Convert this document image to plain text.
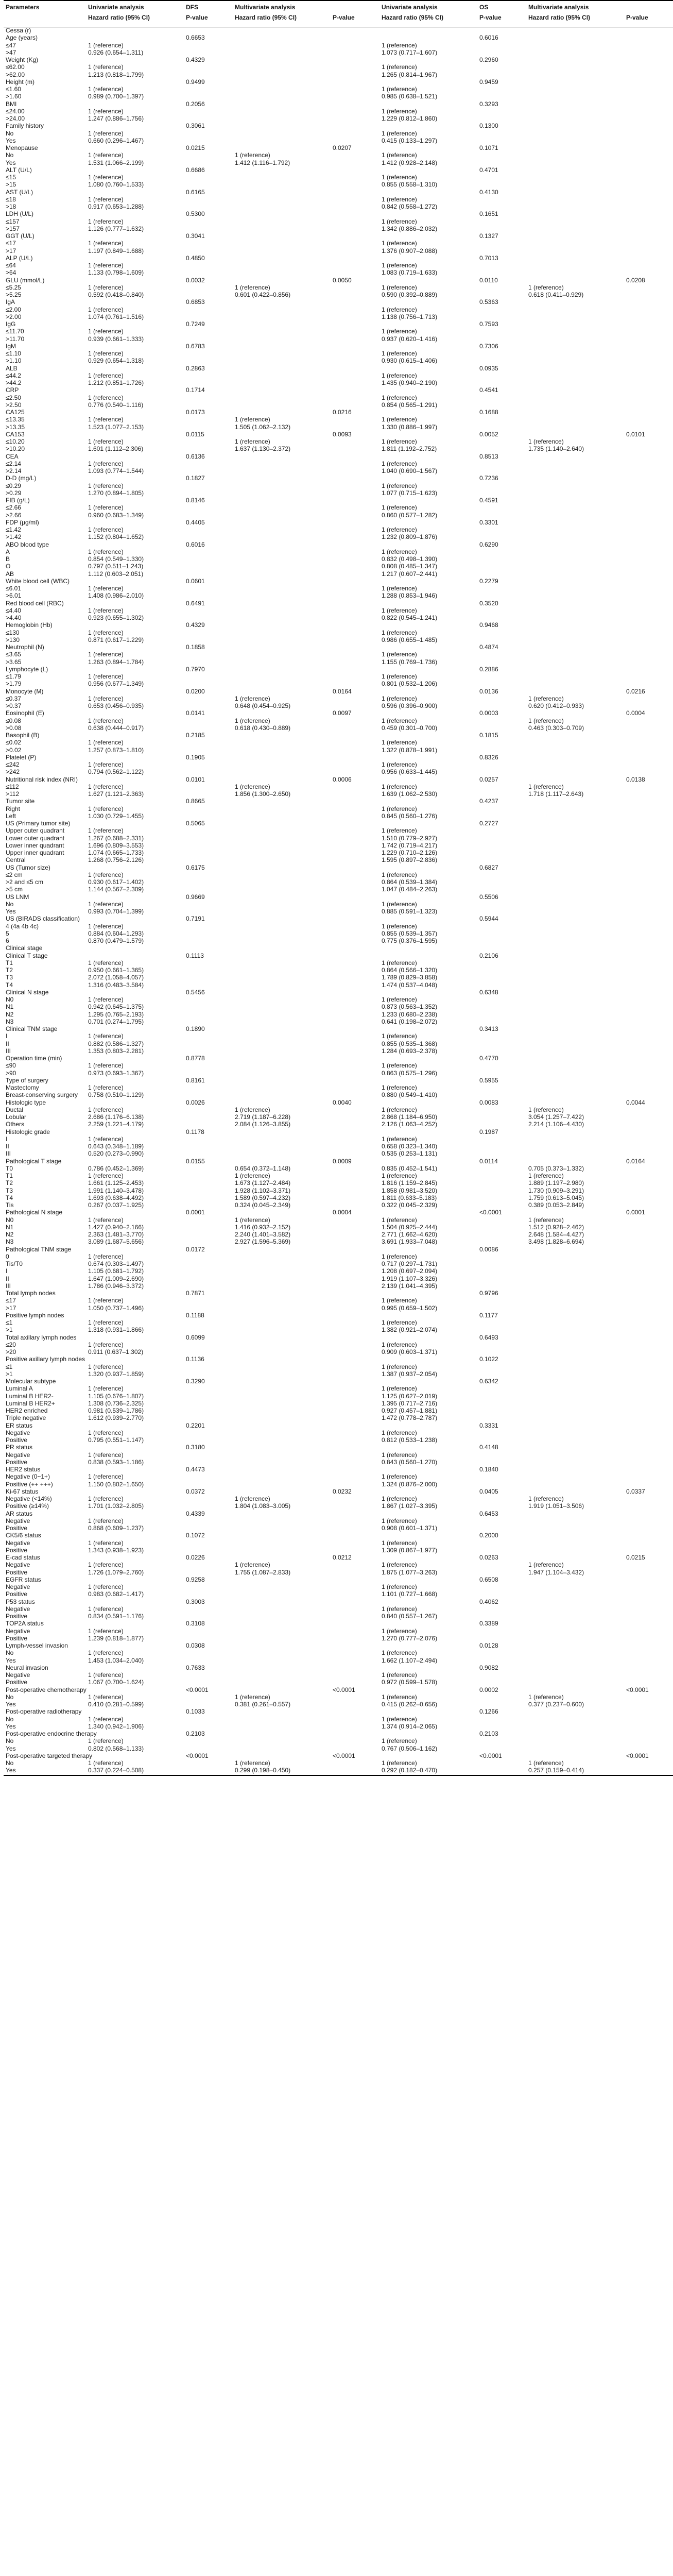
Parameters	Univariate analysis	DFS	Multivariate analysis		Univariate analysis	OS	Multivariate analysis	
	Hazard ratio (95% CI)	P-value	Hazard ratio (95% CI)	P-value	Hazard ratio (95% CI)	P-value	Hazard ratio (95% CI)	P-value
Cessa (r)								
Age (years)		0.6653				0.6016		
≤47	1 (reference)				1 (reference)			
>47	0.926 (0.654–1.311)				1.073 (0.717–1.607)			
Weight (Kg)		0.4329				0.2960		
≤62.00	1 (reference)				1 (reference)			
>62.00	1.213 (0.818–1.799)				1.265 (0.814–1.967)			
Height (m)		0.9499				0.9459		
≤1.60	1 (reference)				1 (reference)			
>1.60	0.989 (0.700–1.397)				0.985 (0.638–1.521)			
BMI		0.2056				0.3293		
≤24.00	1 (reference)				1 (reference)			
>24.00	1.247 (0.886–1.756)				1.229 (0.812–1.860)			
Family history		0.3061				0.1300		
No	1 (reference)				1 (reference)			
Yes	0.660 (0.296–1.467)				0.415 (0.133–1.297)			
Menopause		0.0215		0.0207		0.1071		
No	1 (reference)		1 (reference)		1 (reference)			
Yes	1.531 (1.066–2.199)		1.412 (1.116–1.792)		1.412 (0.928–2.148)			
ALT (U/L)		0.6686				0.4701		
≤15	1 (reference)				1 (reference)			
>15	1.080 (0.760–1.533)				0.855 (0.558–1.310)			
AST (U/L)		0.6165				0.4130		
≤18	1 (reference)				1 (reference)			
>18	0.917 (0.653–1.288)				0.842 (0.558–1.272)			
LDH (U/L)		0.5300				0.1651		
≤157	1 (reference)				1 (reference)			
>157	1.126 (0.777–1.632)				1.342 (0.886–2.032)			
GGT (U/L)		0.3041				0.1327		
≤17	1 (reference)				1 (reference)			
>17	1.197 (0.849–1.688)				1.376 (0.907–2.088)			
ALP (U/L)		0.4850				0.7013		
≤64	1 (reference)				1 (reference)			
>64	1.133 (0.798–1.609)				1.083 (0.719–1.633)			
GLU (mmol/L)		0.0032		0.0050		0.0110		0.0208
≤5.25	1 (reference)		1 (reference)		1 (reference)		1 (reference)	
>5.25	0.592 (0.418–0.840)		0.601 (0.422–0.856)		0.590 (0.392–0.889)		0.618 (0.411–0.929)	
IgA		0.6853				0.5363		
≤2.00	1 (reference)				1 (reference)			
>2.00	1.074 (0.761–1.516)				1.138 (0.756–1.713)			
IgG		0.7249				0.7593		
≤11.70	1 (reference)				1 (reference)			
>11.70	0.939 (0.661–1.333)				0.937 (0.620–1.416)			
IgM		0.6783				0.7306		
≤1.10	1 (reference)				1 (reference)			
>1.10	0.929 (0.654–1.318)				0.930 (0.615–1.406)			
ALB		0.2863				0.0935		
≤44.2	1 (reference)				1 (reference)			
>44.2	1.212 (0.851–1.726)				1.435 (0.940–2.190)			
CRP		0.1714				0.4541		
≤2.50	1 (reference)				1 (reference)			
>2.50	0.776 (0.540–1.116)				0.854 (0.565–1.291)			
CA125		0.0173		0.0216		0.1688		
≤13.35	1 (reference)		1 (reference)		1 (reference)			
>13.35	1.523 (1.077–2.153)		1.505 (1.062–2.132)		1.330 (0.886–1.997)			
CA153		0.0115		0.0093		0.0052		0.0101
≤10.20	1 (reference)		1 (reference)		1 (reference)		1 (reference)	
>10.20	1.601 (1.112–2.306)		1.637 (1.130–2.372)		1.811 (1.192–2.752)		1.735 (1.140–2.640)	
CEA		0.6136				0.8513		
≤2.14	1 (reference)				1 (reference)			
>2.14	1.093 (0.774–1.544)				1.040 (0.690–1.567)			
D-D (mg/L)		0.1827				0.7236		
≤0.29	1 (reference)				1 (reference)			
>0.29	1.270 (0.894–1.805)				1.077 (0.715–1.623)			
FIB (g/L)		0.8146				0.4591		
≤2.66	1 (reference)				1 (reference)			
>2.66	0.960 (0.683–1.349)				0.860 (0.577–1.282)			
FDP (μg/ml)		0.4405				0.3301		
≤1.42	1 (reference)				1 (reference)			
>1.42	1.152 (0.804–1.652)				1.232 (0.809–1.876)			
ABO blood type		0.6016				0.6290		
A	1 (reference)				1 (reference)			
B	0.854 (0.549–1.330)				0.832 (0.498–1.390)			
O	0.797 (0.511–1.243)				0.808 (0.485–1.347)			
AB	1.112 (0.603–2.051)				1.217 (0.607–2.441)			
White blood cell (WBC)		0.0601				0.2279		
≤6.01	1 (reference)				1 (reference)			
>6.01	1.408 (0.986–2.010)				1.288 (0.853–1.946)			
Red blood cell (RBC)		0.6491				0.3520		
≤4.40	1 (reference)				1 (reference)			
>4.40	0.923 (0.655–1.302)				0.822 (0.545–1.241)			
Hemoglobin (Hb)		0.4329				0.9468		
≤130	1 (reference)				1 (reference)			
>130	0.871 (0.617–1.229)				0.986 (0.655–1.485)			
Neutrophil (N)		0.1858				0.4874		
≤3.65	1 (reference)				1 (reference)			
>3.65	1.263 (0.894–1.784)				1.155 (0.769–1.736)			
Lymphocyte (L)		0.7970				0.2886		
≤1.79	1 (reference)				1 (reference)			
>1.79	0.956 (0.677–1.349)				0.801 (0.532–1.206)			
Monocyte (M)		0.0200		0.0164		0.0136		0.0216
≤0.37	1 (reference)		1 (reference)		1 (reference)		1 (reference)	
>0.37	0.653 (0.456–0.935)		0.648 (0.454–0.925)		0.596 (0.396–0.900)		0.620 (0.412–0.933)	
Eosinophil (E)		0.0141		0.0097		0.0003		0.0004
≤0.08	1 (reference)		1 (reference)		1 (reference)		1 (reference)	
>0.08	0.638 (0.444–0.917)		0.618 (0.430–0.889)		0.459 (0.301–0.700)		0.463 (0.303–0.709)	
Basophil (B)		0.2185				0.1815		
≤0.02	1 (reference)				1 (reference)			
>0.02	1.257 (0.873–1.810)				1.322 (0.878–1.991)			
Platelet (P)		0.1905				0.8326		
≤242	1 (reference)				1 (reference)			
>242	0.794 (0.562–1.122)				0.956 (0.633–1.445)			
Nutritional risk index (NRI)		0.0101		0.0006		0.0257		0.0138
≤112	1 (reference)		1 (reference)		1 (reference)		1 (reference)	
>112	1.627 (1.121–2.363)		1.856 (1.300–2.650)		1.639 (1.062–2.530)		1.718 (1.117–2.643)	
Tumor site		0.8665				0.4237		
Right	1 (reference)				1 (reference)			
Left	1.030 (0.729–1.455)				0.845 (0.560–1.276)			
US (Primary tumor site)		0.5065				0.2727		
Upper outer quadrant	1 (reference)				1 (reference)			
Lower outer quadrant	1.267 (0.688–2.331)				1.510 (0.779–2.927)			
Lower inner quadrant	1.696 (0.809–3.553)				1.742 (0.719–4.217)			
Upper inner quadrant	1.074 (0.665–1.733)				1.229 (0.710–2.126)			
Central	1.268 (0.756–2.126)				1.595 (0.897–2.836)			
US (Tumor size)		0.6175				0.6827		
≤2 cm	1 (reference)				1 (reference)			
>2 and ≤5 cm	0.930 (0.617–1.402)				0.864 (0.539–1.384)			
>5 cm	1.144 (0.567–2.309)				1.047 (0.484–2.263)			
US LNM		0.9669				0.5506		
No	1 (reference)				1 (reference)			
Yes	0.993 (0.704–1.399)				0.885 (0.591–1.323)			
US (BIRADS classification)		0.7191				0.5944		
4 (4a 4b 4c)	1 (reference)				1 (reference)			
5	0.884 (0.604–1.293)				0.855 (0.539–1.357)			
6	0.870 (0.479–1.579)				0.775 (0.376–1.595)			
Clinical stage								
Clinical T stage		0.1113				0.2106		
T1	1 (reference)				1 (reference)			
T2	0.950 (0.661–1.365)				0.864 (0.566–1.320)			
T3	2.072 (1.058–4.057)				1.789 (0.829–3.858)			
T4	1.316 (0.483–3.584)				1.474 (0.537–4.048)			
Clinical N stage		0.5456				0.6348		
N0	1 (reference)				1 (reference)			
N1	0.942 (0.645–1.375)				0.873 (0.563–1.352)			
N2	1.295 (0.765–2.193)				1.233 (0.680–2.238)			
N3	0.701 (0.274–1.795)				0.641 (0.198–2.072)			
Clinical TNM stage		0.1890				0.3413		
I	1 (reference)				1 (reference)			
II	0.882 (0.586–1.327)				0.855 (0.535–1.368)			
III	1.353 (0.803–2.281)				1.284 (0.693–2.378)			
Operation time (min)		0.8778				0.4770		
≤90	1 (reference)				1 (reference)			
>90	0.973 (0.693–1.367)				0.863 (0.575–1.296)			
Type of surgery		0.8161				0.5955		
Mastectomy	1 (reference)				1 (reference)			
Breast-conserving surgery	0.758 (0.510–1.129)				0.880 (0.549–1.410)			
Histologic type		0.0026		0.0040		0.0083		0.0044
Ductal	1 (reference)		1 (reference)		1 (reference)		1 (reference)	
Lobular	2.686 (1.176–6.138)		2.719 (1.187–6.228)		2.868 (1.184–6.950)		3.054 (1.257–7.422)	
Others	2.259 (1.221–4.179)		2.084 (1.126–3.855)		2.126 (1.063–4.252)		2.214 (1.106–4.430)	
Histologic grade		0.1178				0.1987		
I	1 (reference)				1 (reference)			
II	0.643 (0.348–1.189)				0.658 (0.323–1.340)			
III	0.520 (0.273–0.990)				0.535 (0.253–1.131)			
Pathological T stage		0.0155		0.0009		0.0114		0.0164
T0	0.786 (0.452–1.369)		0.654 (0.372–1.148)		0.835 (0.452–1.541)		0.705 (0.373–1.332)	
T1	1 (reference)		1 (reference)		1 (reference)		1 (reference)	
T2	1.661 (1.125–2.453)		1.673 (1.127–2.484)		1.816 (1.159–2.845)		1.889 (1.197–2.980)	
T3	1.991 (1.140–3.478)		1.928 (1.102–3.371)		1.858 (0.981–3.520)		1.730 (0.909–3.291)	
T4	1.693 (0.638–4.492)		1.589 (0.597–4.232)		1.811 (0.633–5.183)		1.759 (0.613–5.045)	
Tis	0.267 (0.037–1.925)		0.324 (0.045–2.349)		0.322 (0.045–2.329)		0.389 (0.053–2.849)	
Pathological N stage		0.0001		0.0004		<0.0001		0.0001
N0	1 (reference)		1 (reference)		1 (reference)		1 (reference)	
N1	1.427 (0.940–2.166)		1.416 (0.932–2.152)		1.504 (0.925–2.444)		1.512 (0.928–2.462)	
N2	2.363 (1.481–3.770)		2.240 (1.401–3.582)		2.771 (1.662–4.620)		2.648 (1.584–4.427)	
N3	3.089 (1.687–5.656)		2.927 (1.596–5.369)		3.691 (1.933–7.048)		3.498 (1.828–6.694)	
Pathological TNM stage		0.0172				0.0086		
0	1 (reference)				1 (reference)			
Tis/T0	0.674 (0.303–1.497)				0.717 (0.297–1.731)			
I	1.105 (0.681–1.792)				1.208 (0.697–2.094)			
II	1.647 (1.009–2.690)				1.919 (1.107–3.326)			
III	1.786 (0.946–3.372)				2.139 (1.041–4.395)			
Total lymph nodes		0.7871				0.9796		
≤17	1 (reference)				1 (reference)			
>17	1.050 (0.737–1.496)				0.995 (0.659–1.502)			
Positive lymph nodes		0.1188				0.1177		
≤1	1 (reference)				1 (reference)			
>1	1.318 (0.931–1.866)				1.382 (0.921–2.074)			
Total axillary lymph nodes		0.6099				0.6493		
≤20	1 (reference)				1 (reference)			
>20	0.911 (0.637–1.302)				0.909 (0.603–1.371)			
Positive axillary lymph nodes		0.1136				0.1022		
≤1	1 (reference)				1 (reference)			
>1	1.320 (0.937–1.859)				1.387 (0.937–2.054)			
Molecular subtype		0.3290				0.6342		
Luminal A	1 (reference)				1 (reference)			
Luminal B HER2-	1.105 (0.676–1.807)				1.125 (0.627–2.019)			
Luminal B HER2+	1.308 (0.736–2.325)				1.395 (0.717–2.716)			
HER2 enriched	0.981 (0.539–1.786)				0.927 (0.457–1.881)			
Triple negative	1.612 (0.939–2.770)				1.472 (0.778–2.787)			
ER status		0.2201				0.3331		
Negative	1 (reference)				1 (reference)			
Positive	0.795 (0.551–1.147)				0.812 (0.533–1.238)			
PR status		0.3180				0.4148		
Negative	1 (reference)				1 (reference)			
Positive	0.838 (0.593–1.186)				0.843 (0.560–1.270)			
HER2 status		0.4473				0.1840		
Negative (0~1+)	1 (reference)				1 (reference)			
Positive (++ +++)	1.150 (0.802–1.650)				1.324 (0.876–2.000)			
Ki-67 status		0.0372		0.0232		0.0405		0.0337
Negative (<14%)	1 (reference)		1 (reference)		1 (reference)		1 (reference)	
Positive (≥14%)	1.701 (1.032–2.805)		1.804 (1.083–3.005)		1.867 (1.027–3.395)		1.919 (1.051–3.506)	
AR status		0.4339				0.6453		
Negative	1 (reference)				1 (reference)			
Positive	0.868 (0.609–1.237)				0.908 (0.601–1.371)			
CK5/6 status		0.1072				0.2000		
Negative	1 (reference)				1 (reference)			
Positive	1.343 (0.938–1.923)				1.309 (0.867–1.977)			
E-cad status		0.0226		0.0212		0.0263		0.0215
Negative	1 (reference)		1 (reference)		1 (reference)		1 (reference)	
Positive	1.726 (1.079–2.760)		1.755 (1.087–2.833)		1.875 (1.077–3.263)		1.947 (1.104–3.432)	
EGFR status		0.9258				0.6508		
Negative	1 (reference)				1 (reference)			
Positive	0.983 (0.682–1.417)				1.101 (0.727–1.668)			
P53 status		0.3003				0.4062		
Negative	1 (reference)				1 (reference)			
Positive	0.834 (0.591–1.176)				0.840 (0.557–1.267)			
TOP2A status		0.3108				0.3389		
Negative	1 (reference)				1 (reference)			
Positive	1.239 (0.818–1.877)				1.270 (0.777–2.076)			
Lymph-vessel invasion		0.0308				0.0128		
No	1 (reference)				1 (reference)			
Yes	1.453 (1.034–2.040)				1.662 (1.107–2.494)			
Neural invasion		0.7633				0.9082		
Negative	1 (reference)				1 (reference)			
Positive	1.067 (0.700–1.624)				0.972 (0.599–1.578)			
Post-operative chemotherapy		<0.0001		<0.0001		0.0002		<0.0001
No	1 (reference)		1 (reference)		1 (reference)		1 (reference)	
Yes	0.410 (0.281–0.599)		0.381 (0.261–0.557)		0.415 (0.262–0.656)		0.377 (0.237–0.600)	
Post-operative radiotherapy		0.1033				0.1266		
No	1 (reference)				1 (reference)			
Yes	1.340 (0.942–1.906)				1.374 (0.914–2.065)			
Post-operative endocrine therapy		0.2103				0.2103		
No	1 (reference)				1 (reference)			
Yes	0.802 (0.568–1.133)				0.767 (0.506–1.162)			
Post-operative targeted therapy		<0.0001		<0.0001		<0.0001		<0.0001
No	1 (reference)		1 (reference)		1 (reference)		1 (reference)	
Yes	0.337 (0.224–0.508)		0.299 (0.198–0.450)		0.292 (0.182–0.470)		0.257 (0.159–0.414)	
